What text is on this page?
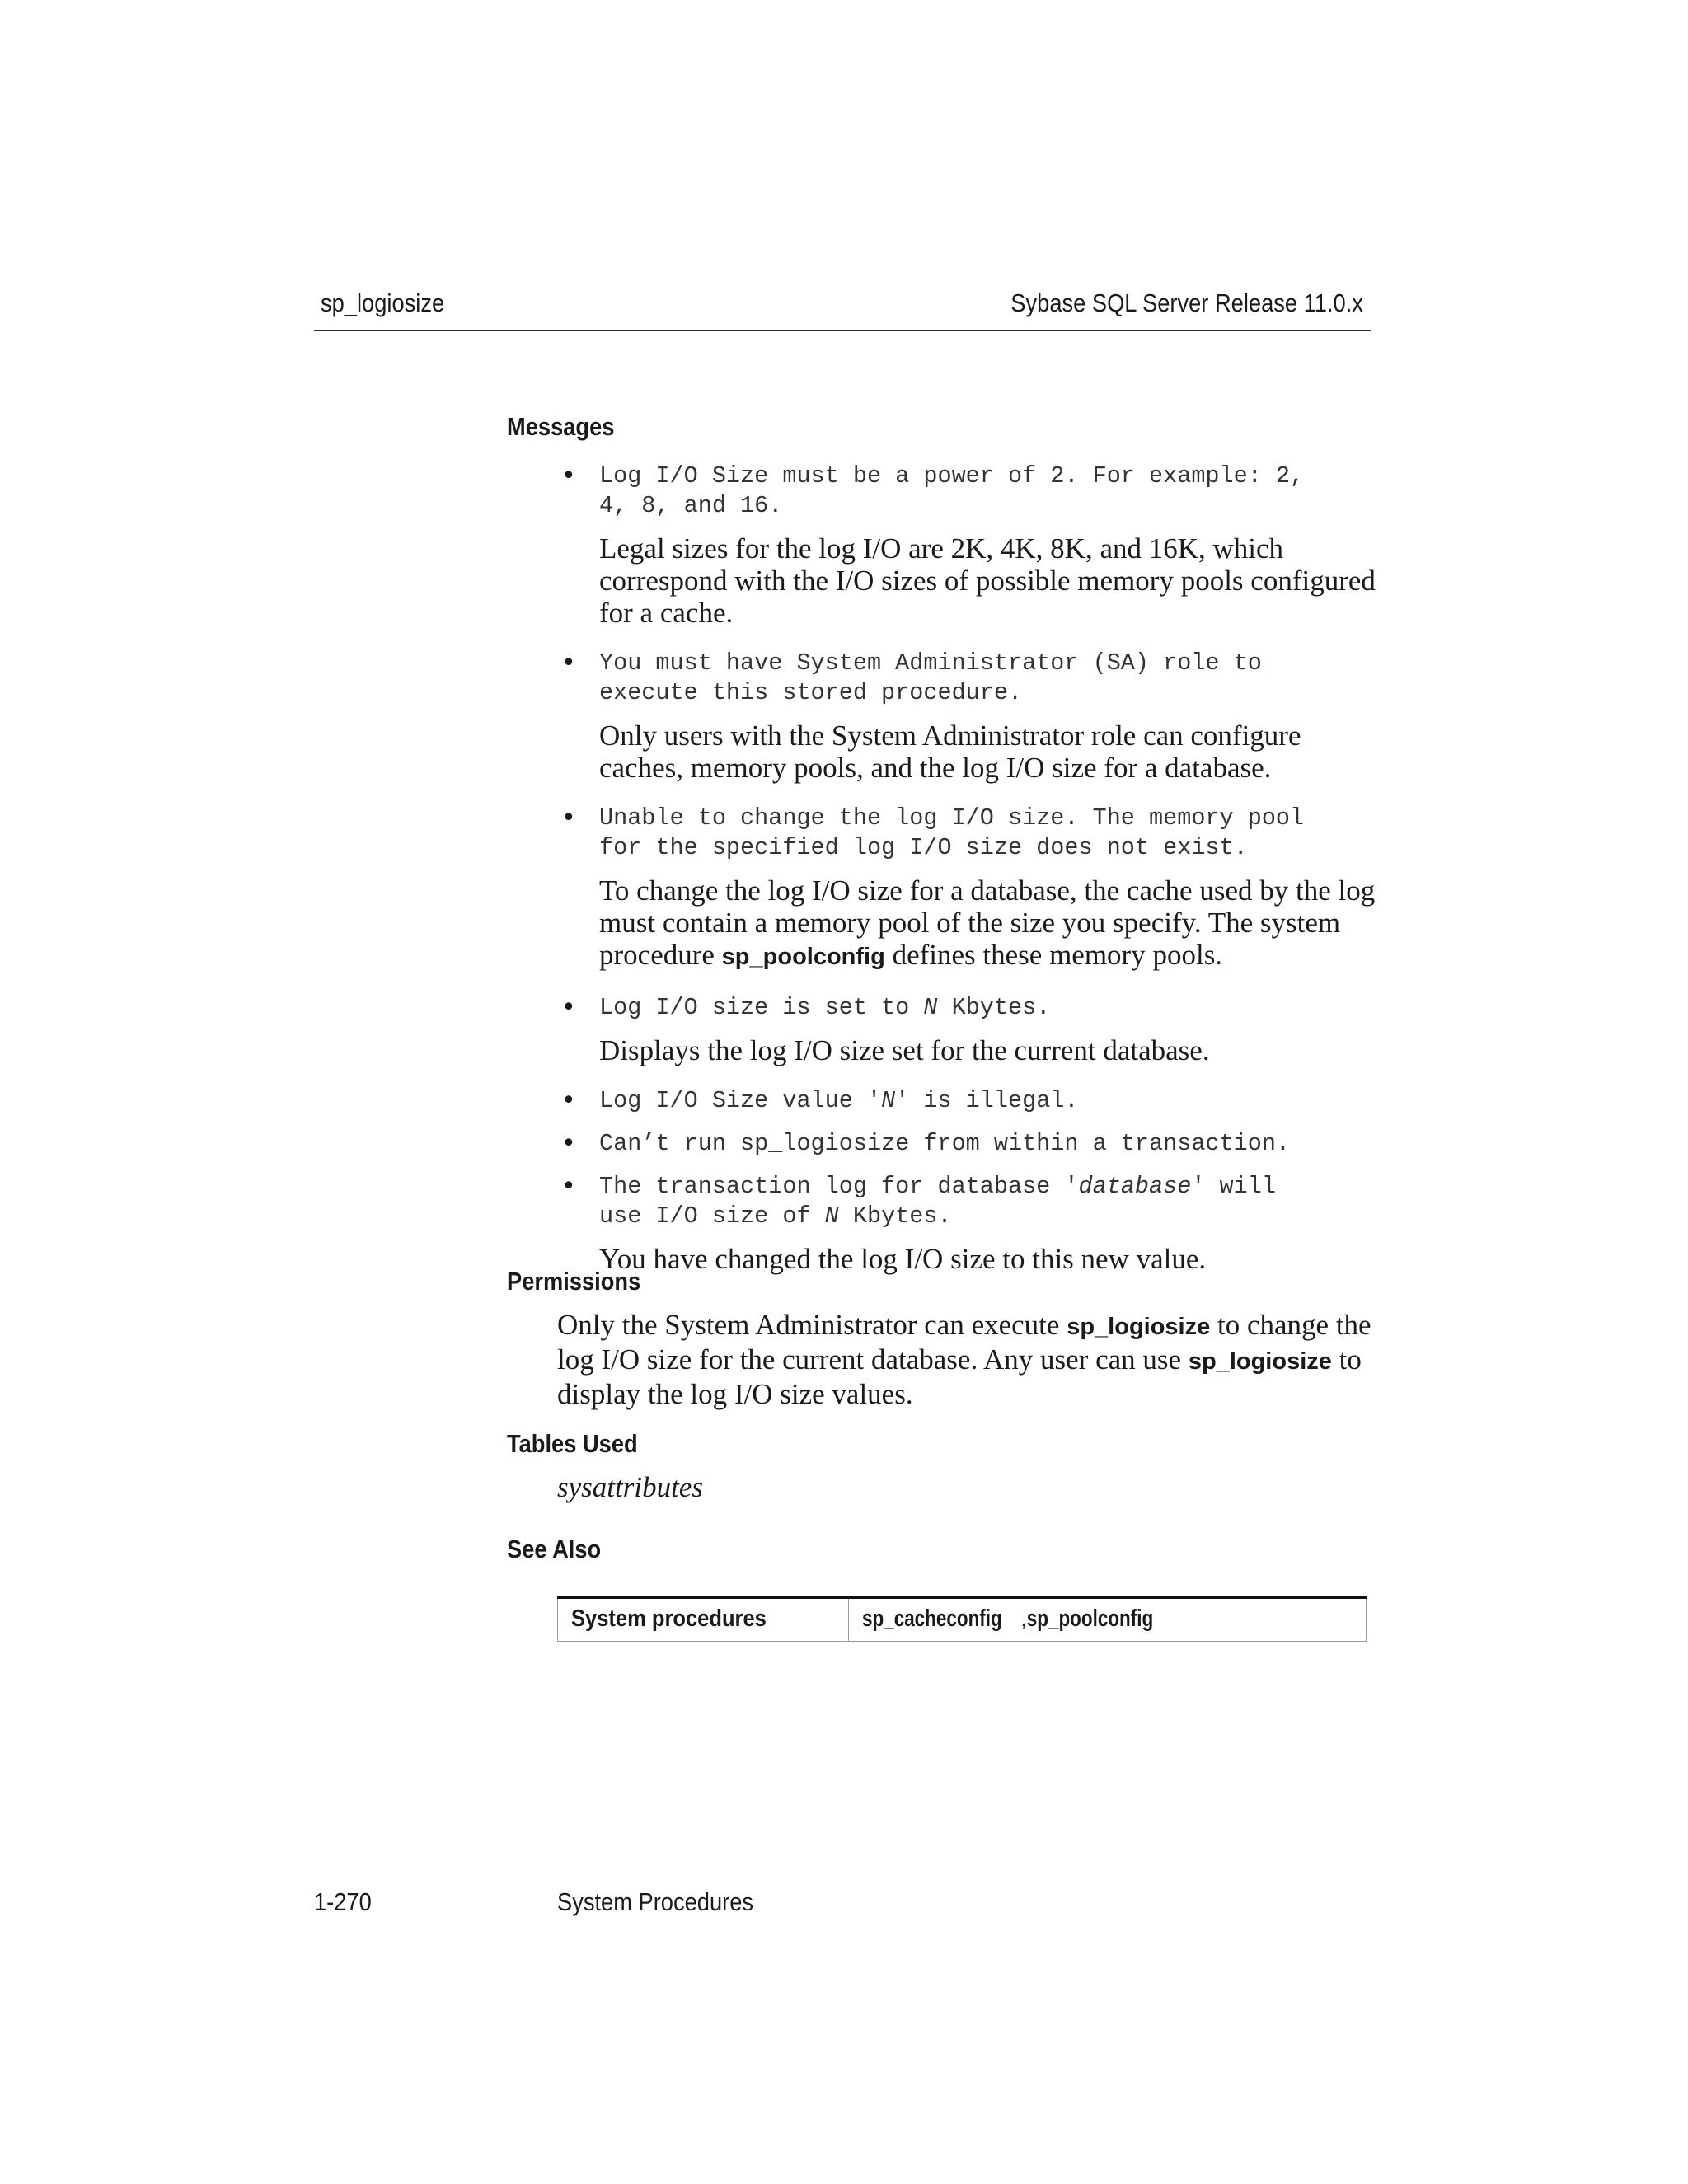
sp_logiosize	Sybase SQL Server Release 11.0.x
Messages
• Log I/O Size must be a power of 2. For example: 2,
4, 8, and 16.
Legal sizes for the log I/O are 2K, 4K, 8K, and 16K, which correspond with the I/O sizes of possible memory pools configured for a cache.
• You must have System Administrator (SA) role to
execute this stored procedure.
Only users with the System Administrator role can configure caches, memory pools, and the log I/O size for a database.
• Unable to change the log I/O size. The memory pool
for the specified log I/O size does not exist.
To change the log I/O size for a database, the cache used by the log must contain a memory pool of the size you specify. The system procedure sp_poolconfig defines these memory pools.
• Log I/O size is set to N Kbytes.
Displays the log I/O size set for the current database.
• Log I/O Size value 'N' is illegal.
• Can’t run sp_logiosize from within a transaction.
• The transaction log for database 'database' will
use I/O size of N Kbytes.
You have changed the log I/O size to this new value.
Permissions
Only the System Administrator can execute sp_logiosize to change the log I/O size for the current database. Any user can use sp_logiosize to display the log I/O size values.
Tables Used
sysattributes
See Also
System procedures	sp_cacheconfig ,sp_poolconfig
1-270	System Procedures
